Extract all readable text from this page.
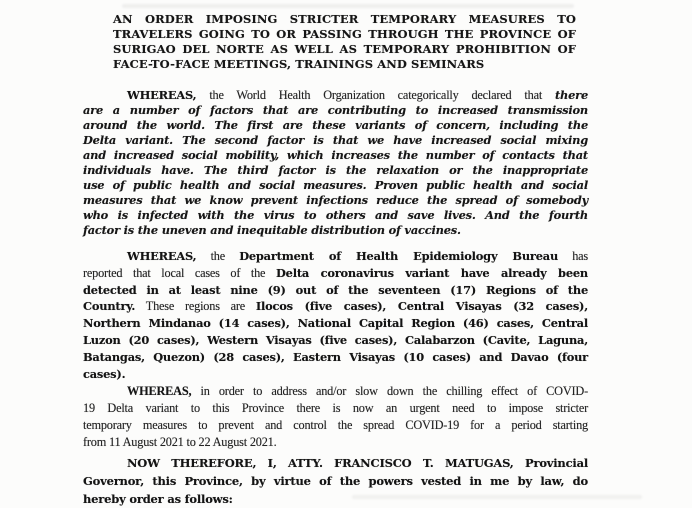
AN ORDER IMPOSING STRICTER TEMPORARY MEASURES TO
TRAVELERS GOING TO OR PASSING THROUGH THE PROVINCE OF
SURIGAO DEL NORTE AS WELL AS TEMPORARY PROHIBITION OF
FACE-TO-FACE MEETINGS, TRAININGS AND SEMINARS
WHEREAS, the World Health Organization categorically declared that there
are a number of factors that are contributing to increased transmission
around the world. The first are these variants of concern, including the
Delta variant. The second factor is that we have increased social mixing
and increased social mobility, which increases the number of contacts that
individuals have. The third factor is the relaxation or the inappropriate
use of public health and social measures. Proven public health and social
measures that we know prevent infections reduce the spread of somebody
who is infected with the virus to others and save lives. And the fourth
factor is the uneven and inequitable distribution of vaccines.
WHEREAS, the Department of Health Epidemiology Bureau has
reported that local cases of the Delta coronavirus variant have already been
detected in at least nine (9) out of the seventeen (17) Regions of the
Country. These regions are Ilocos (five cases), Central Visayas (32 cases),
Northern Mindanao (14 cases), National Capital Region (46) cases, Central
Luzon (20 cases), Western Visayas (five cases), Calabarzon (Cavite, Laguna,
Batangas, Quezon) (28 cases), Eastern Visayas (10 cases) and Davao (four
cases).
WHEREAS, in order to address and/or slow down the chilling effect of COVID-
19 Delta variant to this Province there is now an urgent need to impose stricter
temporary measures to prevent and control the spread COVID-19 for a period starting
from 11 August 2021 to 22 August 2021.
NOW THEREFORE, I, ATTY. FRANCISCO T. MATUGAS, Provincial
Governor, this Province, by virtue of the powers vested in me by law, do
hereby order as follows:
